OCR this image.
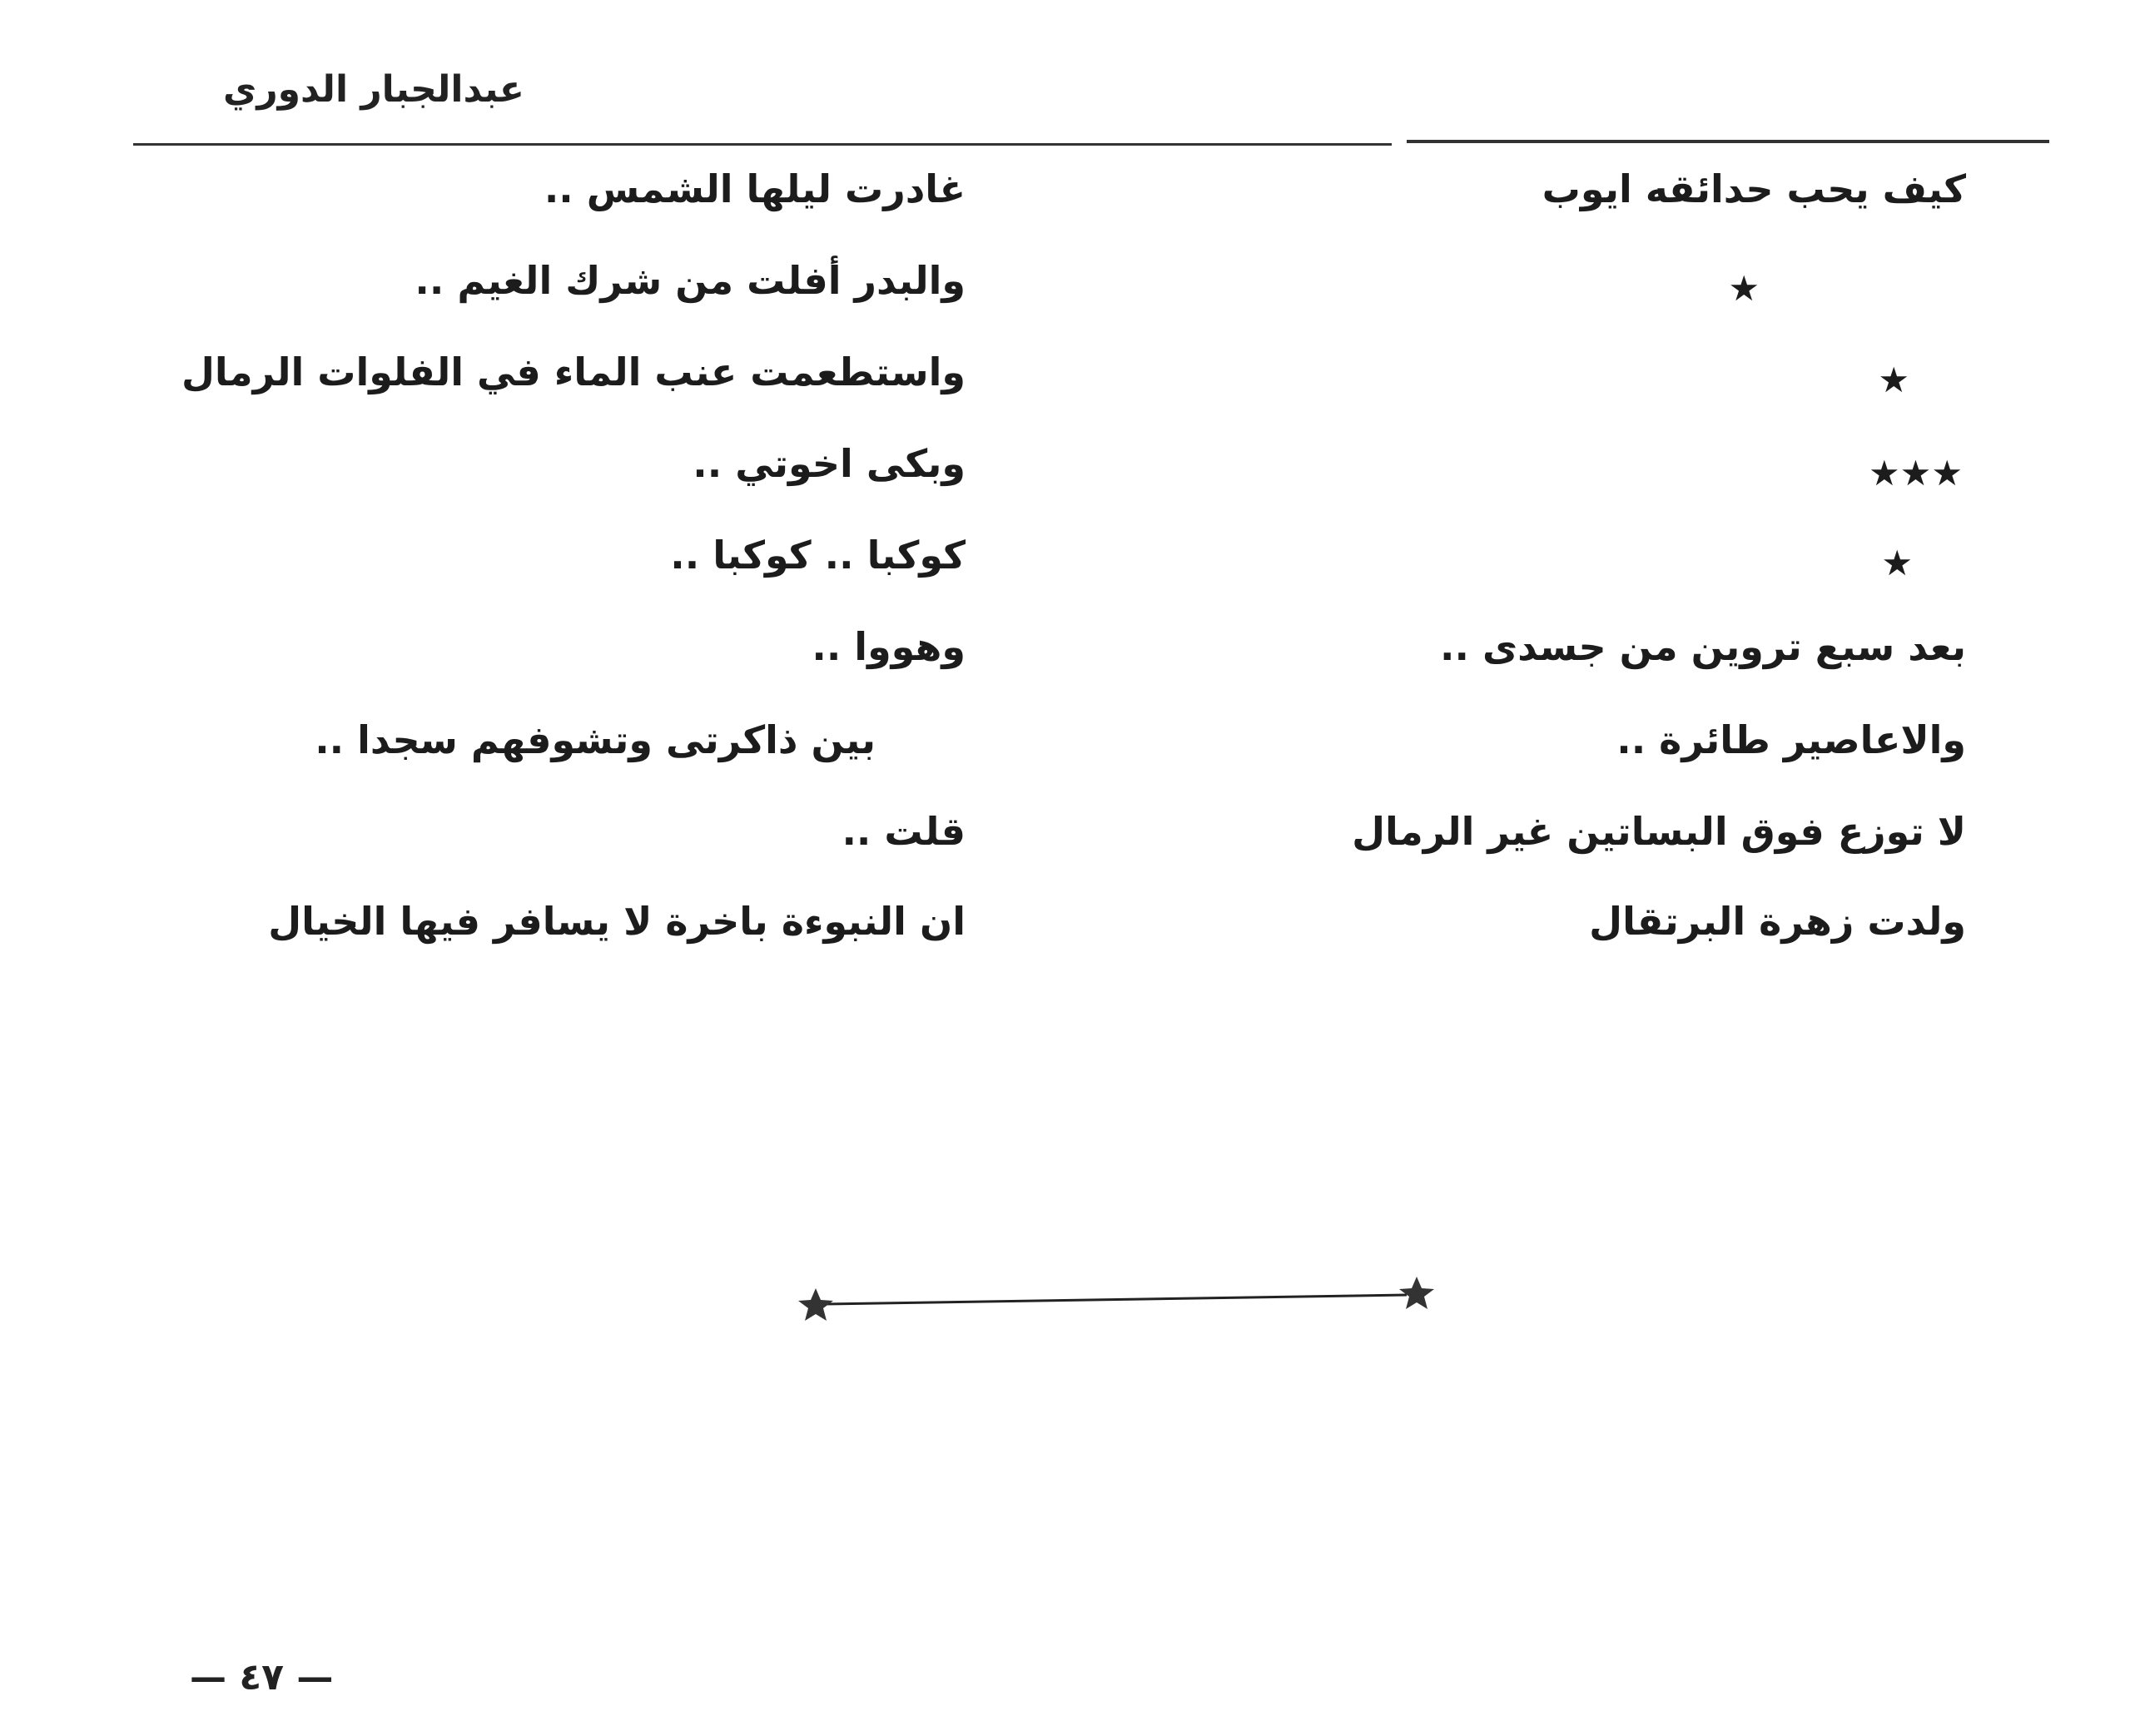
عبدالجبار الدوري
كيف يحب حدائقه ايوب
★
★
★★★
★
بعد سبع تروين من جسدى ..
والاعاصير طائرة ..
لا توزع فوق البساتين غير الرمال
ولدت زهرة البرتقال
غادرت ليلها الشمس ..
والبدر أفلت من شرك الغيم ..
واستطعمت عنب الماء في الفلوات الرمال
وبكى اخوتي ..
كوكبا .. كوكبا ..
وهووا ..
بين ذاكرتى وتشوفهم سجدا ..
قلت ..
ان النبوءة باخرة لا يسافر فيها الخيال
— ٤٧ —
